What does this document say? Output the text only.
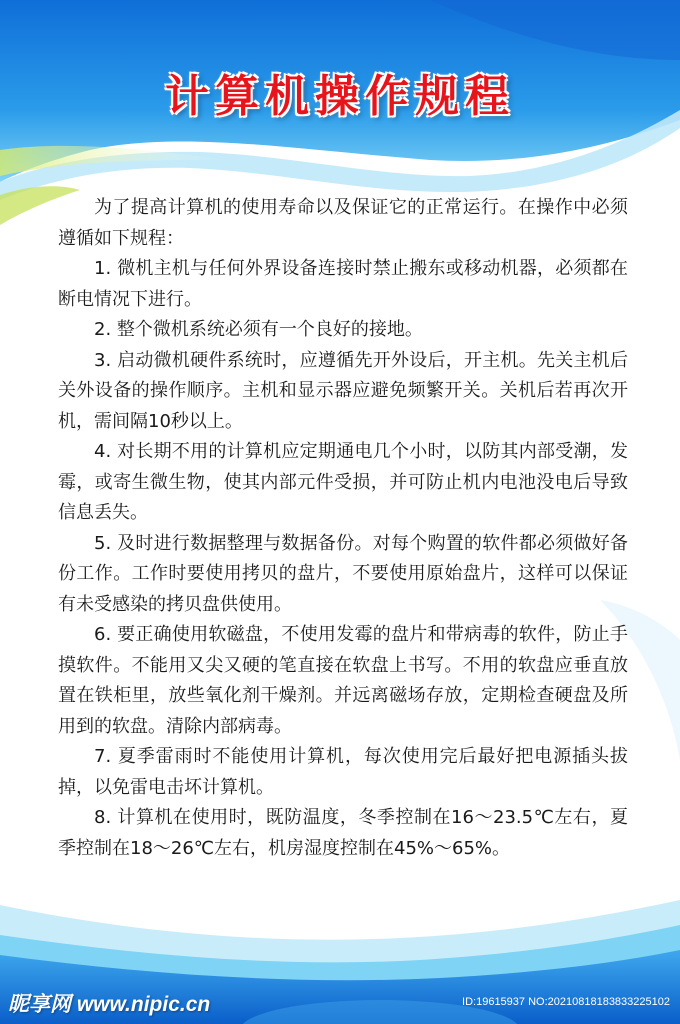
计算机操作规程

为了提高计算机的使用寿命以及保证它的正常运行。在操作中必须遵循如下规程：

1. 微机主机与任何外界设备连接时禁止搬东或移动机器，必须都在断电情况下进行。

2. 整个微机系统必须有一个良好的接地。

3. 启动微机硬件系统时，应遵循先开外设后，开主机。先关主机后关外设备的操作顺序。主机和显示器应避免频繁开关。关机后若再次开机，需间隔10秒以上。

4. 对长期不用的计算机应定期通电几个小时，以防其内部受潮，发霉，或寄生微生物，使其内部元件受损，并可防止机内电池没电后导致信息丢失。

5. 及时进行数据整理与数据备份。对每个购置的软件都必须做好备份工作。工作时要使用拷贝的盘片，不要使用原始盘片，这样可以保证有未受感染的拷贝盘供使用。

6. 要正确使用软磁盘，不使用发霉的盘片和带病毒的软件，防止手摸软件。不能用又尖又硬的笔直接在软盘上书写。不用的软盘应垂直放置在铁柜里，放些氧化剂干燥剂。并远离磁场存放，定期检查硬盘及所用到的软盘。清除内部病毒。

7. 夏季雷雨时不能使用计算机，每次使用完后最好把电源插头拔掉，以免雷电击坏计算机。

8. 计算机在使用时，既防温度，冬季控制在16～23.5℃左右，夏季控制在18～26℃左右，机房湿度控制在45%～65%。

昵享网 www.nipic.cn	ID:19615937 NO:20210818183833225102
